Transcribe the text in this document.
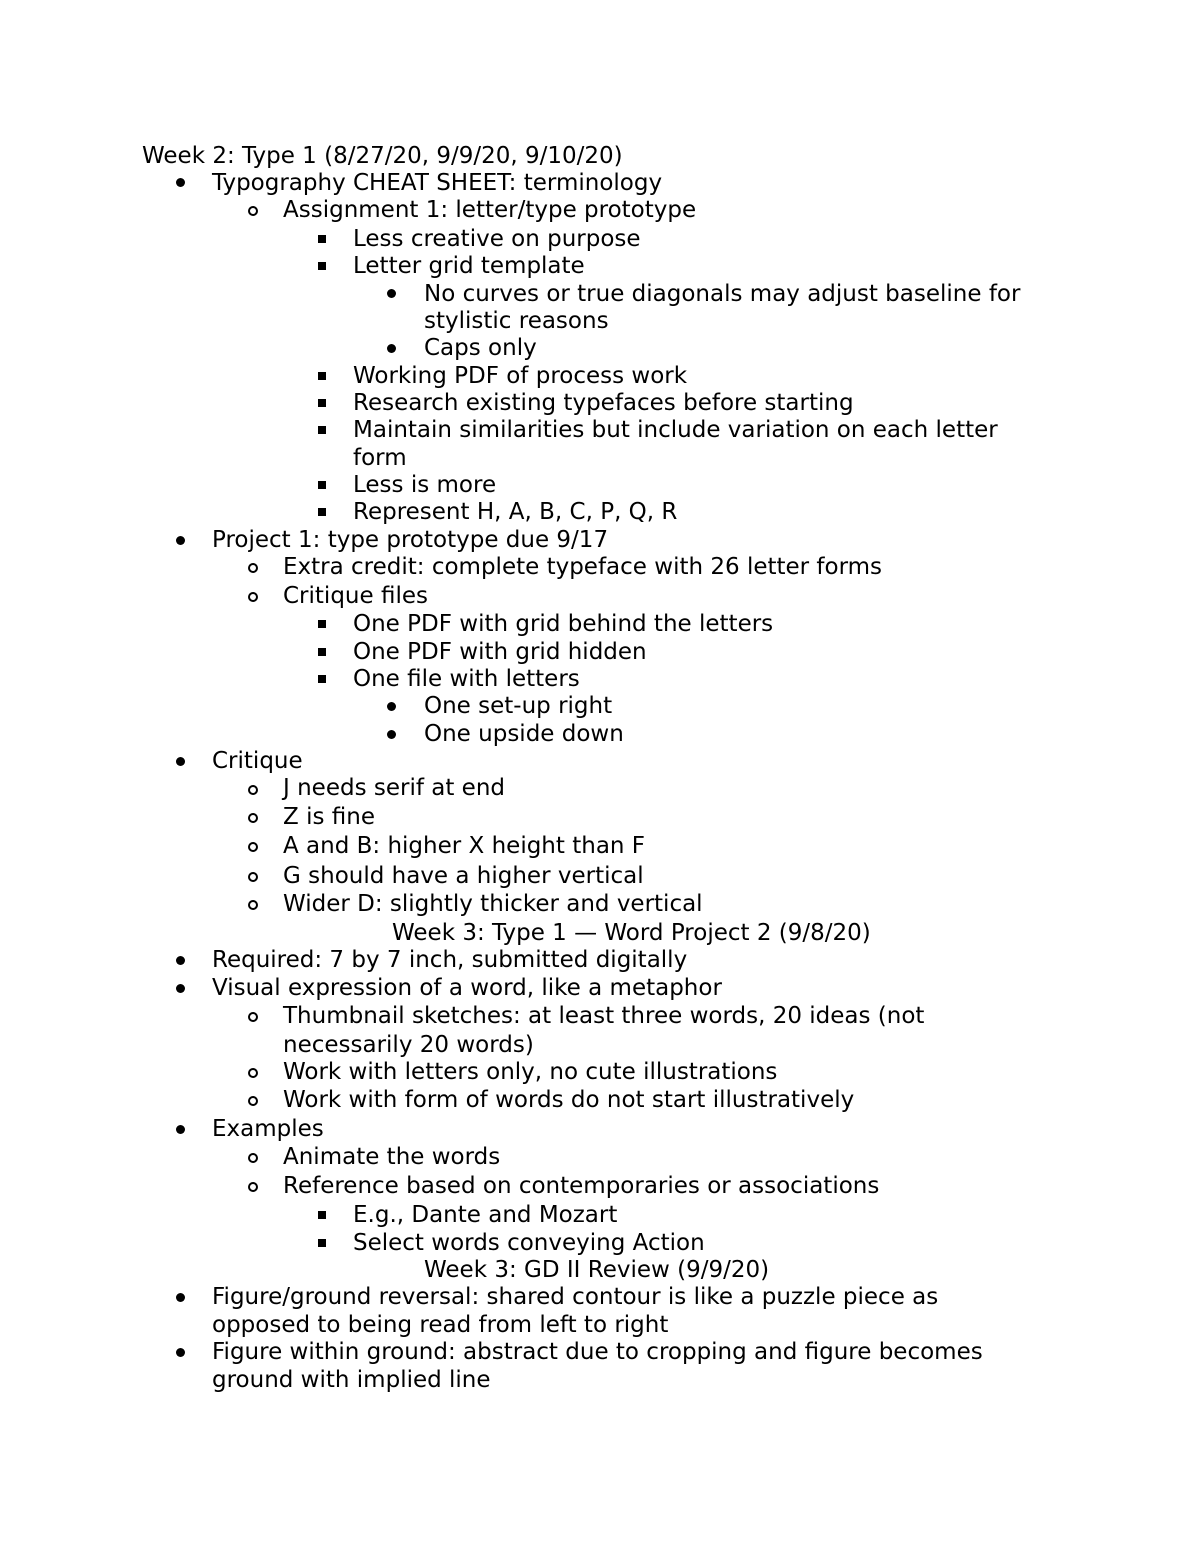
Week 2: Type 1 (8/27/20, 9/9/20, 9/10/20)
Typography CHEAT SHEET: terminology
Assignment 1: letter/type prototype
Less creative on purpose
Letter grid template
No curves or true diagonals may adjust baseline for
stylistic reasons
Caps only
Working PDF of process work
Research existing typefaces before starting
Maintain similarities but include variation on each letter
form
Less is more
Represent H, A, B, C, P, Q, R
Project 1: type prototype due 9/17
Extra credit: complete typeface with 26 letter forms
Critique files
One PDF with grid behind the letters
One PDF with grid hidden
One file with letters
One set-up right
One upside down
Critique
J needs serif at end
Z is fine
A and B: higher X height than F
G should have a higher vertical
Wider D: slightly thicker and vertical
Week 3: Type 1 — Word Project 2 (9/8/20)
Required: 7 by 7 inch, submitted digitally
Visual expression of a word, like a metaphor
Thumbnail sketches: at least three words, 20 ideas (not
necessarily 20 words)
Work with letters only, no cute illustrations
Work with form of words do not start illustratively
Examples
Animate the words
Reference based on contemporaries or associations
E.g., Dante and Mozart
Select words conveying Action
Week 3: GD II Review (9/9/20)
Figure/ground reversal: shared contour is like a puzzle piece as
opposed to being read from left to right
Figure within ground: abstract due to cropping and figure becomes
ground with implied line
